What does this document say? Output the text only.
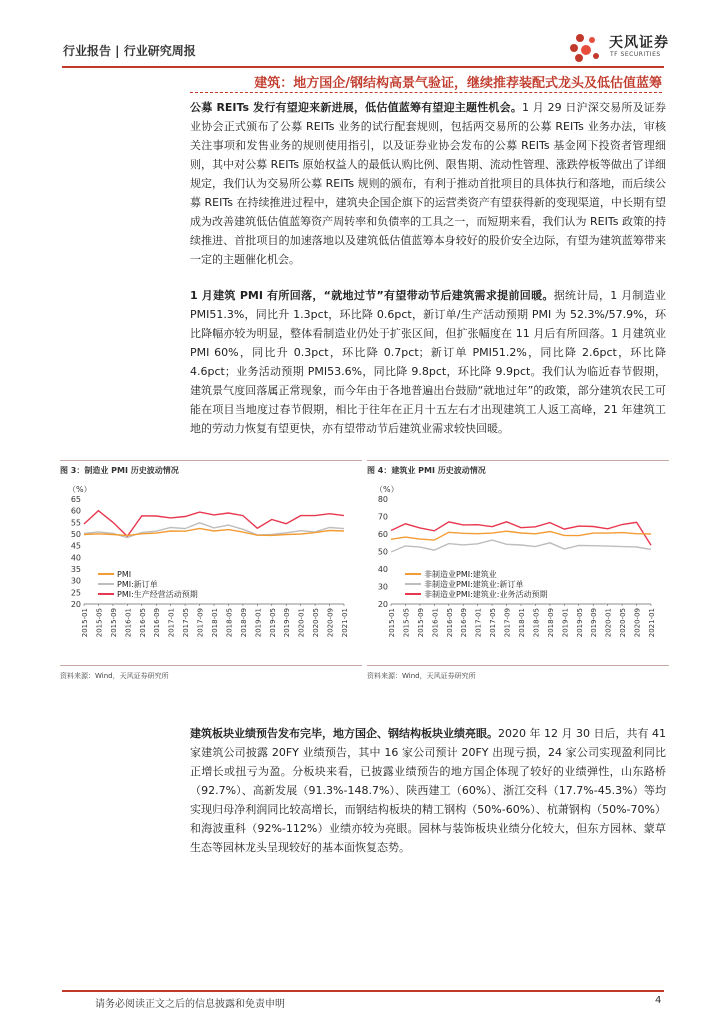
行业报告 | 行业研究周报	天风证券
TF SECURITIES
建筑：地方国企/钢结构高景气验证，继续推荐装配式龙头及低估值蓝筹
公募 REITs 发行有望迎来新进展，低估值蓝筹有望迎主题性机会。1 月 29 日沪深交易所及证券业协会正式颁布了公募 REITs 业务的试行配套规则，包括两交易所的公募 REITs 业务办法，审核关注事项和发售业务的规则使用指引，以及证券业协会发布的公募 REITs 基金网下投资者管理细则，其中对公募 REITs 原始权益人的最低认购比例、限售期、流动性管理、涨跌停板等做出了详细规定，我们认为交易所公募 REITs 规则的颁布，有利于推动首批项目的具体执行和落地，而后续公募 REITs 在持续推进过程中，建筑央企国企旗下的运营类资产有望获得新的变现渠道，中长期有望成为改善建筑低估值蓝筹资产周转率和负债率的工具之一，而短期来看，我们认为 REITs 政策的持续推进、首批项目的加速落地以及建筑低估值蓝筹本身较好的股价安全边际，有望为建筑蓝筹带来一定的主题催化机会。
1 月建筑 PMI 有所回落，“就地过节”有望带动节后建筑需求提前回暖。据统计局，1 月制造业 PMI51.3%，同比升 1.3pct，环比降 0.6pct，新订单/生产活动预期 PMI 为 52.3%/57.9%，环比降幅亦较为明显，整体看制造业仍处于扩张区间，但扩张幅度在 11 月后有所回落。1 月建筑业 PMI 60%，同比升 0.3pct，环比降 0.7pct；新订单 PMI51.2%，同比降 2.6pct，环比降 4.6pct；业务活动预期 PMI53.6%，同比降 9.8pct，环比降 9.9pct。我们认为临近春节假期，建筑景气度回落属正常现象，而今年由于各地普遍出台鼓励“就地过年”的政策，部分建筑农民工可能在项目当地度过春节假期，相比于往年在正月十五左右才出现建筑工人返工高峰，21 年建筑工地的劳动力恢复有望更快，亦有望带动节后建筑业需求较快回暖。
图 3：制造业 PMI 历史波动情况
（%）
20
25
30
35
40
45
50
55
60
65
2015-01 2015-05 2015-09 2016-01 2016-05 2016-09 2017-01 2017-05 2017-09 2018-01 2018-05 2018-09 2019-01 2019-05 2019-09 2020-01 2020-05 2020-09 2021-01
PMI
PMI:新订单
PMI:生产经营活动预期
资料来源：Wind，天风证券研究所
图 4：建筑业 PMI 历史波动情况
（%）
20
30
40
50
60
70
80
2015-01 2015-05 2015-09 2016-01 2016-05 2016-09 2017-01 2017-05 2017-09 2018-01 2018-05 2018-09 2019-01 2019-05 2019-09 2020-01 2020-05 2020-09 2021-01
非制造业PMI:建筑业
非制造业PMI:建筑业:新订单
非制造业PMI:建筑业:业务活动预期
资料来源：Wind，天风证券研究所
建筑板块业绩预告发布完毕，地方国企、钢结构板块业绩亮眼。2020 年 12 月 30 日后，共有 41 家建筑公司披露 20FY 业绩预告，其中 16 家公司预计 20FY 出现亏损，24 家公司实现盈利同比正增长或扭亏为盈。分板块来看，已披露业绩预告的地方国企体现了较好的业绩弹性，山东路桥（92.7%）、高新发展（91.3%-148.7%）、陕西建工（60%）、浙江交科（17.7%-45.3%）等均实现归母净利润同比较高增长，而钢结构板块的精工钢构（50%-60%）、杭萧钢构（50%-70%）和海波重科（92%-112%）业绩亦较为亮眼。园林与装饰板块业绩分化较大，但东方园林、蒙草生态等园林龙头呈现较好的基本面恢复态势。
请务必阅读正文之后的信息披露和免责申明	4
